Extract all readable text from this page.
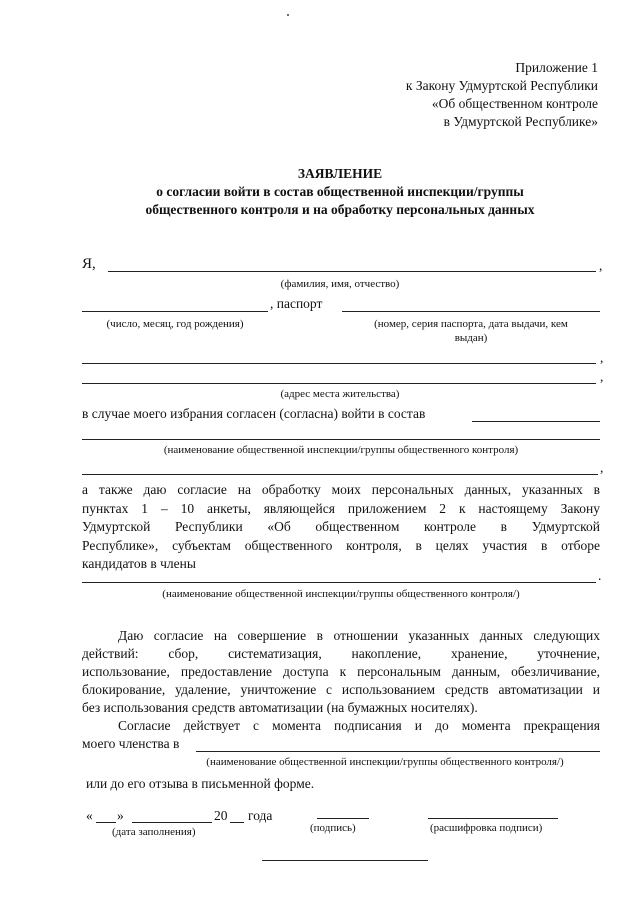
Приложение 1
к Закону Удмуртской Республики
«Об общественном контроле
в Удмуртской Республике»
ЗАЯВЛЕНИЕ
о согласии войти в состав общественной инспекции/группы
общественного контроля и на обработку персональных данных
Я,	,
(фамилия, имя, отчество)
, паспорт
(число, месяц, год рождения)	(номер, серия паспорта, дата выдачи, кем
выдан)
,
,
(адрес места жительства)
в случае моего избрания согласен (согласна) войти в состав
(наименование общественной инспекции/группы общественного контроля)
,
а также даю согласие на обработку моих персональных данных, указанных в
пунктах 1 – 10 анкеты, являющейся приложением 2 к настоящему Закону
Удмуртской Республики «Об общественном контроле в Удмуртской
Республике», субъектам общественного контроля, в целях участия в отборе
кандидатов в члены
.
(наименование общественной инспекции/группы общественного контроля/)
Даю согласие на совершение в отношении указанных данных следующих
действий: сбор, систематизация, накопление, хранение, уточнение,
использование, предоставление доступа к персональным данным, обезличивание,
блокирование, удаление, уничтожение с использованием средств автоматизации и
без использования средств автоматизации (на бумажных носителях).
Согласие действует с момента подписания и до момента прекращения
моего членства в
(наименование общественной инспекции/группы общественного контроля/)
или до его отзыва в письменной форме.
« »	20 года
(дата заполнения)	(подпись)	(расшифровка подписи)
